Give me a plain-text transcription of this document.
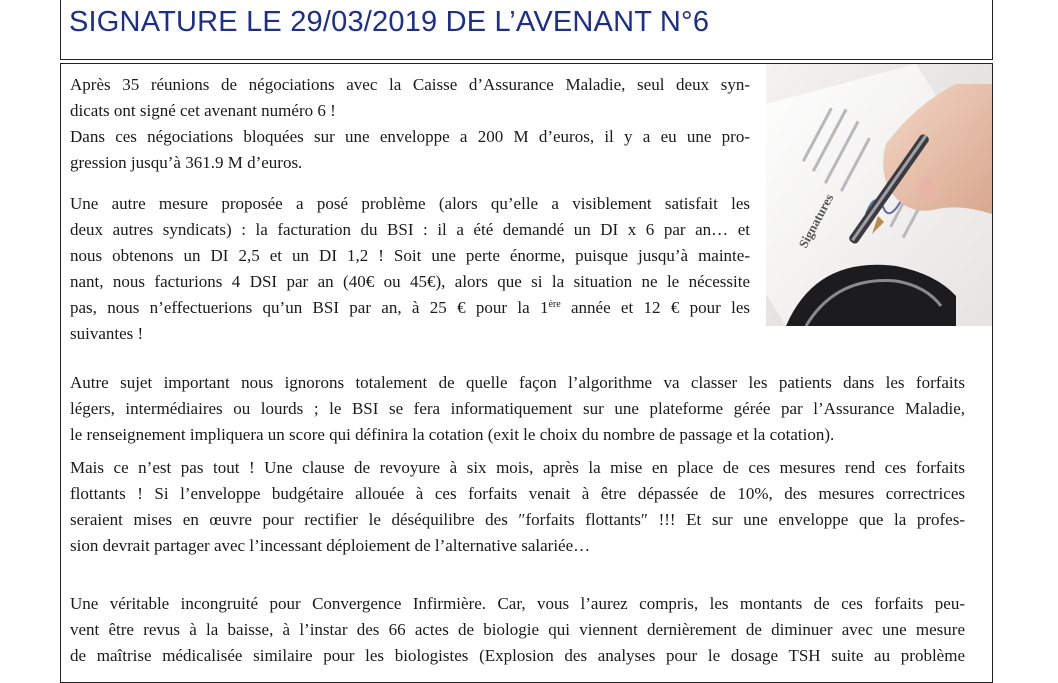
SIGNATURE LE 29/03/2019 DE L’AVENANT N°6
Signatures

Après 35 réunions de négociations avec la Caisse d’Assurance Maladie, seul deux syn-
dicats ont signé cet avenant numéro 6 !
Dans ces négociations bloquées sur une enveloppe a 200 M d’euros, il y a eu une pro-
gression jusqu’à 361.9 M d’euros.

Une autre mesure proposée a posé problème (alors qu’elle a visiblement satisfait les
deux autres syndicats) : la facturation du BSI : il a été demandé un DI x 6 par an… et
nous obtenons un DI 2,5 et un DI 1,2 ! Soit une perte énorme, puisque jusqu’à mainte-
nant, nous facturions 4 DSI par an (40€ ou 45€), alors que si la situation ne le nécessite
pas, nous n’effectuerions qu’un BSI par an, à 25 € pour la 1ère année et 12 € pour les
suivantes !

Autre sujet important nous ignorons totalement de quelle façon l’algorithme va classer les patients dans les forfaits
légers, intermédiaires ou lourds ; le BSI se fera informatiquement sur une plateforme gérée par l’Assurance Maladie,
le renseignement impliquera un score qui définira la cotation (exit le choix du nombre de passage et la cotation).

Mais ce n’est pas tout ! Une clause de revoyure à six mois, après la mise en place de ces mesures rend ces forfaits
flottants ! Si l’enveloppe budgétaire allouée à ces forfaits venait à être dépassée de 10%, des mesures correctrices
seraient mises en œuvre pour rectifier le déséquilibre des ″forfaits flottants″ !!! Et sur une enveloppe que la profes-
sion devrait partager avec l’incessant déploiement de l’alternative salariée…

Une véritable incongruité pour Convergence Infirmière. Car, vous l’aurez compris, les montants de ces forfaits peu-
vent être revus à la baisse, à l’instar des 66 actes de biologie qui viennent dernièrement de diminuer avec une mesure
de maîtrise médicalisée similaire pour les biologistes (Explosion des analyses pour le dosage TSH suite au problème
